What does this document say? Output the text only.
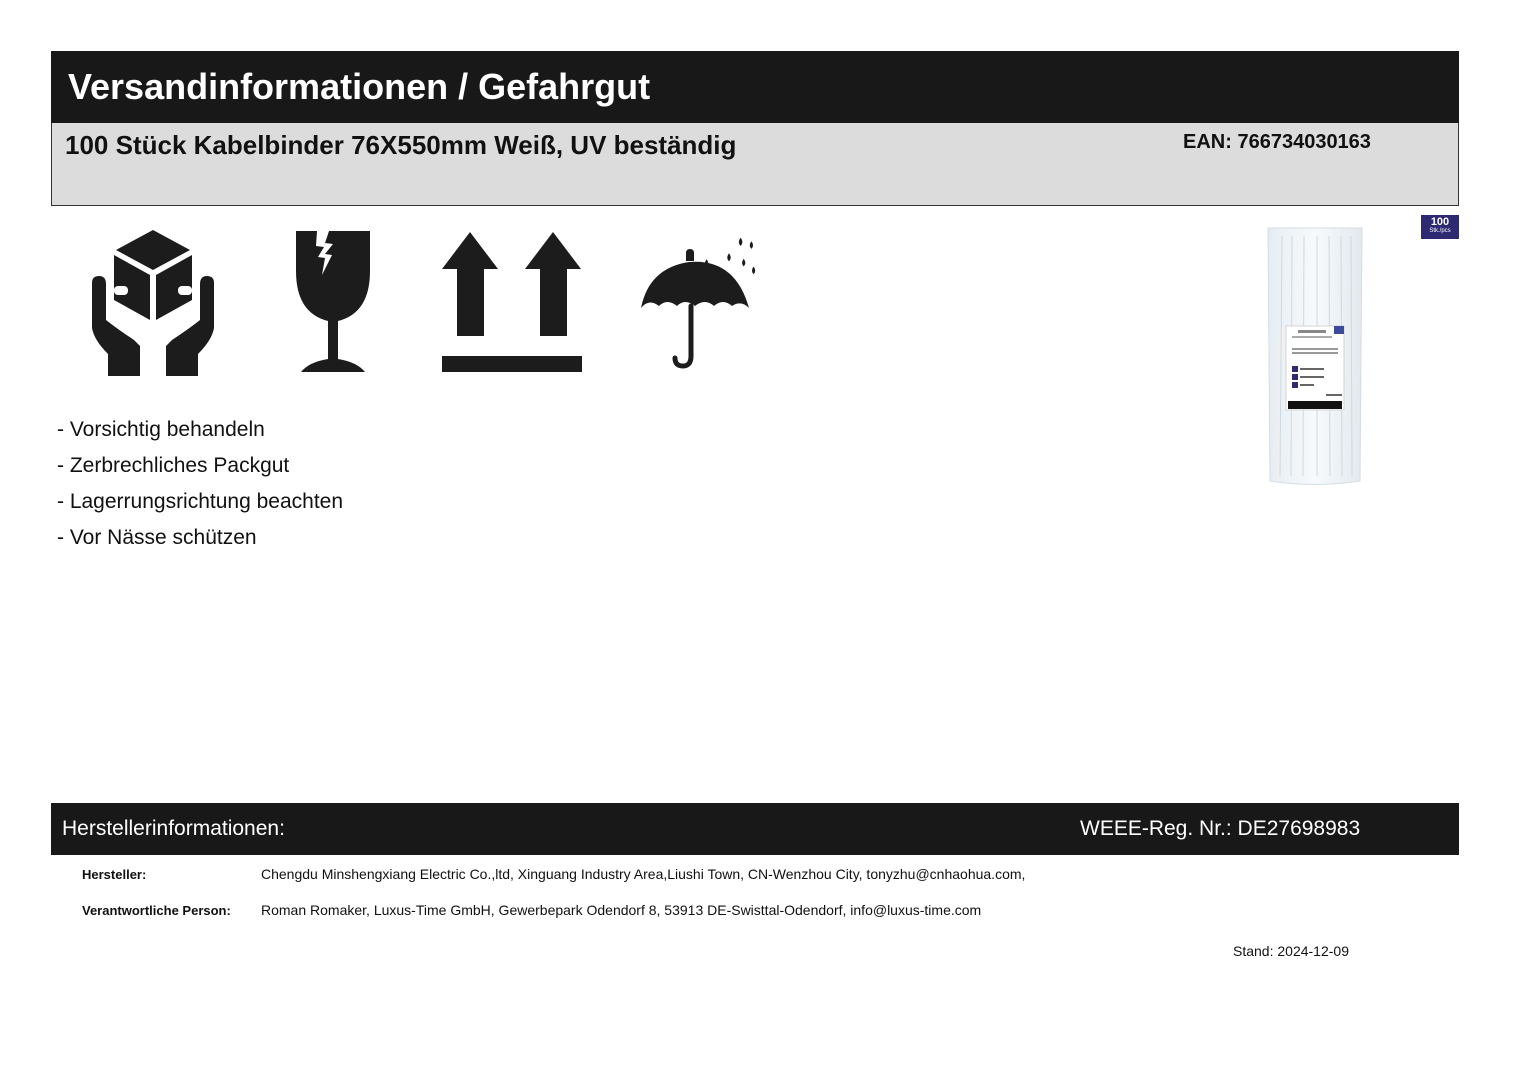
Versandinformationen / Gefahrgut
100 Stück Kabelbinder 76X550mm Weiß, UV beständig	EAN: 766734030163
- Vorsichtig behandeln
- Zerbrechliches Packgut
- Lagerrungsrichtung beachten
- Vor Nässe schützen
100
Stk./pcs
Herstellerinformationen:	WEEE-Reg. Nr.: DE27698983
Hersteller:	Chengdu Minshengxiang Electric Co.,ltd, Xinguang Industry Area,Liushi Town, CN-Wenzhou City, tonyzhu@cnhaohua.com,
Verantwortliche Person: Roman Romaker, Luxus-Time GmbH, Gewerbepark Odendorf 8, 53913 DE-Swisttal-Odendorf, info@luxus-time.com
Stand: 2024-12-09
